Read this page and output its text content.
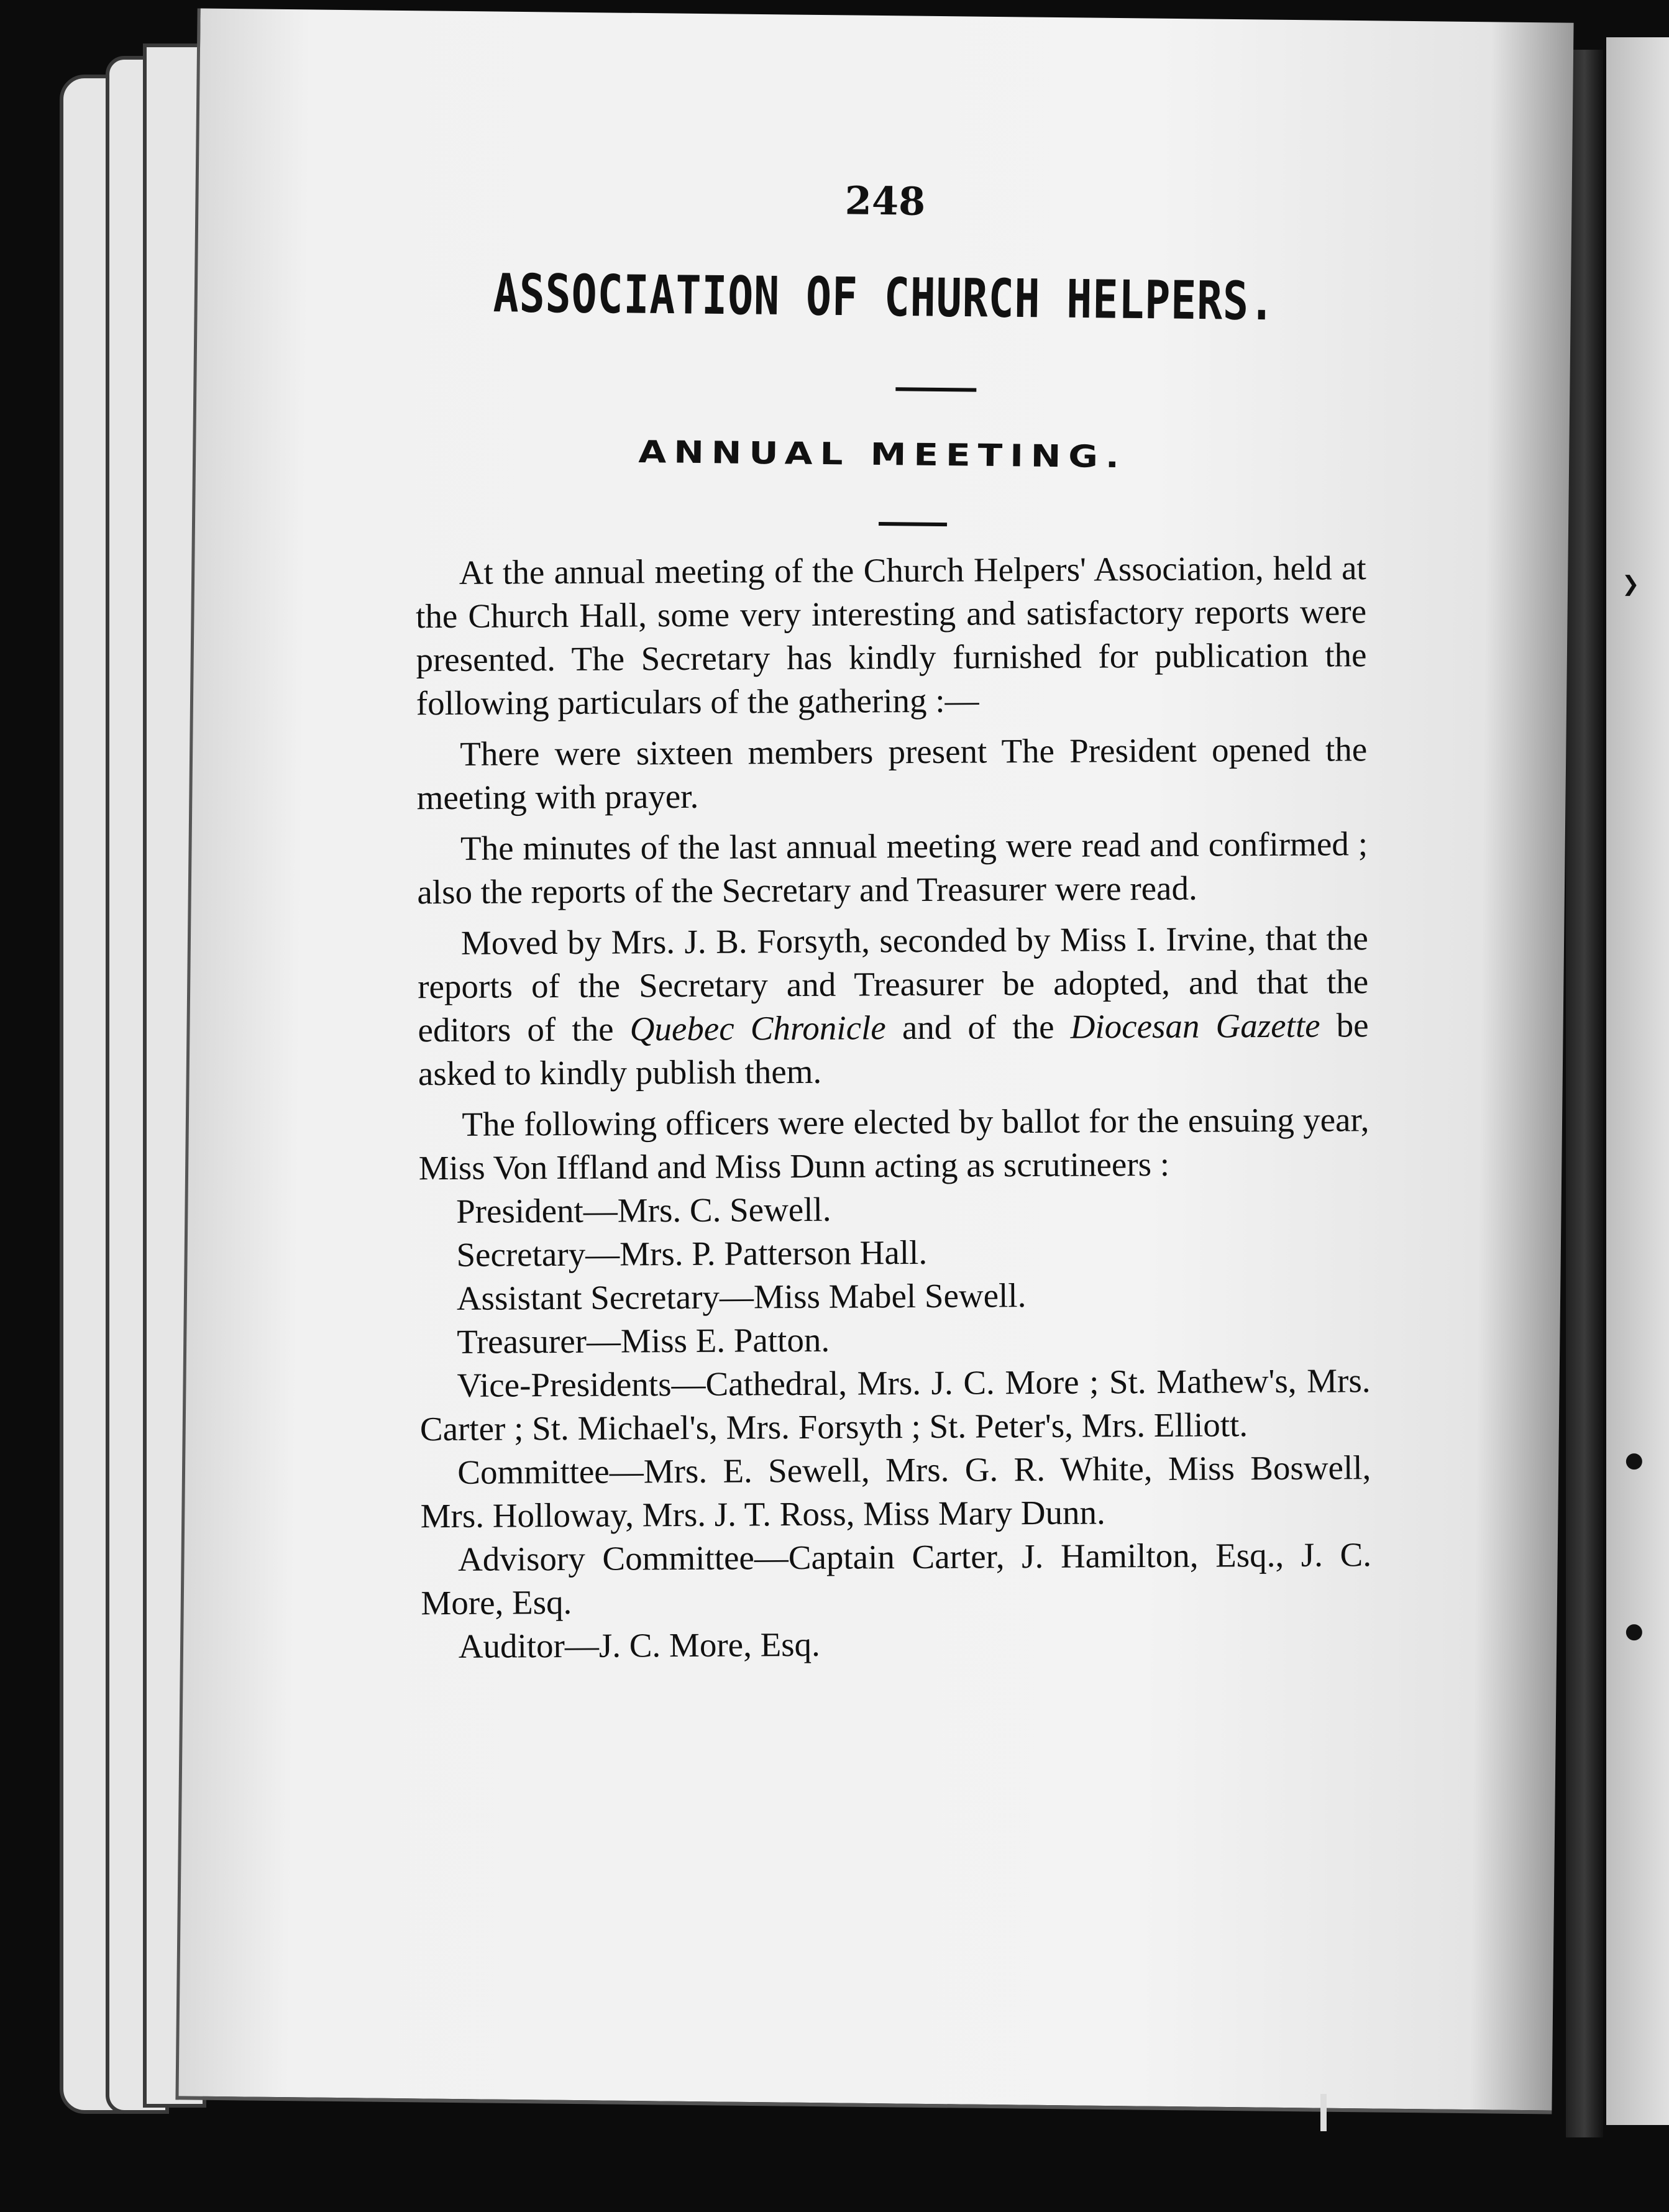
❯
●
●
248
ASSOCIATION OF CHURCH HELPERS.
ANNUAL MEETING.

At the annual meeting of the Church Helpers' Association, held at the Church Hall, some very interesting and satisfactory reports were presented. The Secretary has kindly furnished for publication the following particulars of the gathering :—

There were sixteen members present The President opened the meeting with prayer.

The minutes of the last annual meeting were read and confirmed ; also the reports of the Secretary and Treasurer were read.

Moved by Mrs. J. B. Forsyth, seconded by Miss I. Irvine, that the reports of the Secretary and Treasurer be adopted, and that the editors of the Quebec Chronicle and of the Diocesan Gazette be asked to kindly publish them.

The following officers were elected by ballot for the ensuing year, Miss Von Iffland and Miss Dunn acting as scrutineers :

President—Mrs. C. Sewell.

Secretary—Mrs. P. Patterson Hall.

Assistant Secretary—Miss Mabel Sewell.

Treasurer—Miss E. Patton.

Vice-Presidents—Cathedral, Mrs. J. C. More ; St. Mathew's, Mrs. Carter ; St. Michael's, Mrs. Forsyth ; St. Peter's, Mrs. Elliott.

Committee—Mrs. E. Sewell, Mrs. G. R. White, Miss Boswell, Mrs. Holloway, Mrs. J. T. Ross, Miss Mary Dunn.

Advisory Committee—Captain Carter, J. Hamilton, Esq., J. C. More, Esq.

Auditor—J. C. More, Esq.
